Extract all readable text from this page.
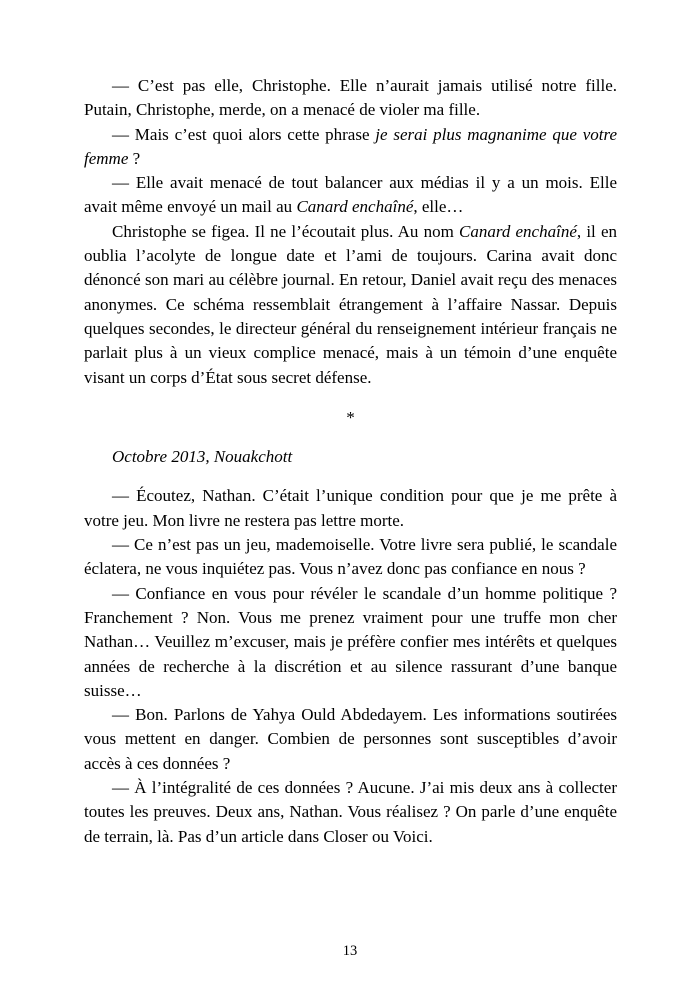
— C’est pas elle, Christophe. Elle n’aurait jamais utilisé notre fille. Putain, Christophe, merde, on a menacé de violer ma fille.

— Mais c’est quoi alors cette phrase je serai plus magnanime que votre femme ?

— Elle avait menacé de tout balancer aux médias il y a un mois. Elle avait même envoyé un mail au Canard enchaîné, elle…

Christophe se figea. Il ne l’écoutait plus. Au nom Canard enchaîné, il en oublia l’acolyte de longue date et l’ami de toujours. Carina avait donc dénoncé son mari au célèbre journal. En retour, Daniel avait reçu des menaces anonymes. Ce schéma ressemblait étrangement à l’affaire Nassar. Depuis quelques secondes, le directeur général du renseignement intérieur français ne parlait plus à un vieux complice menacé, mais à un témoin d’une enquête visant un corps d’État sous secret défense.

*

Octobre 2013, Nouakchott

— Écoutez, Nathan. C’était l’unique condition pour que je me prête à votre jeu. Mon livre ne restera pas lettre morte.

— Ce n’est pas un jeu, mademoiselle. Votre livre sera publié, le scandale éclatera, ne vous inquiétez pas. Vous n’avez donc pas confiance en nous ?

— Confiance en vous pour révéler le scandale d’un homme politique ? Franchement ? Non. Vous me prenez vraiment pour une truffe mon cher Nathan… Veuillez m’excuser, mais je préfère confier mes intérêts et quelques années de recherche à la discrétion et au silence rassurant d’une banque suisse…

— Bon. Parlons de Yahya Ould Abdedayem. Les informations soutirées vous mettent en danger. Combien de personnes sont susceptibles d’avoir accès à ces données ?

— À l’intégralité de ces données ? Aucune. J’ai mis deux ans à collecter toutes les preuves. Deux ans, Nathan. Vous réalisez ? On parle d’une enquête de terrain, là. Pas d’un article dans Closer ou Voici.

13
